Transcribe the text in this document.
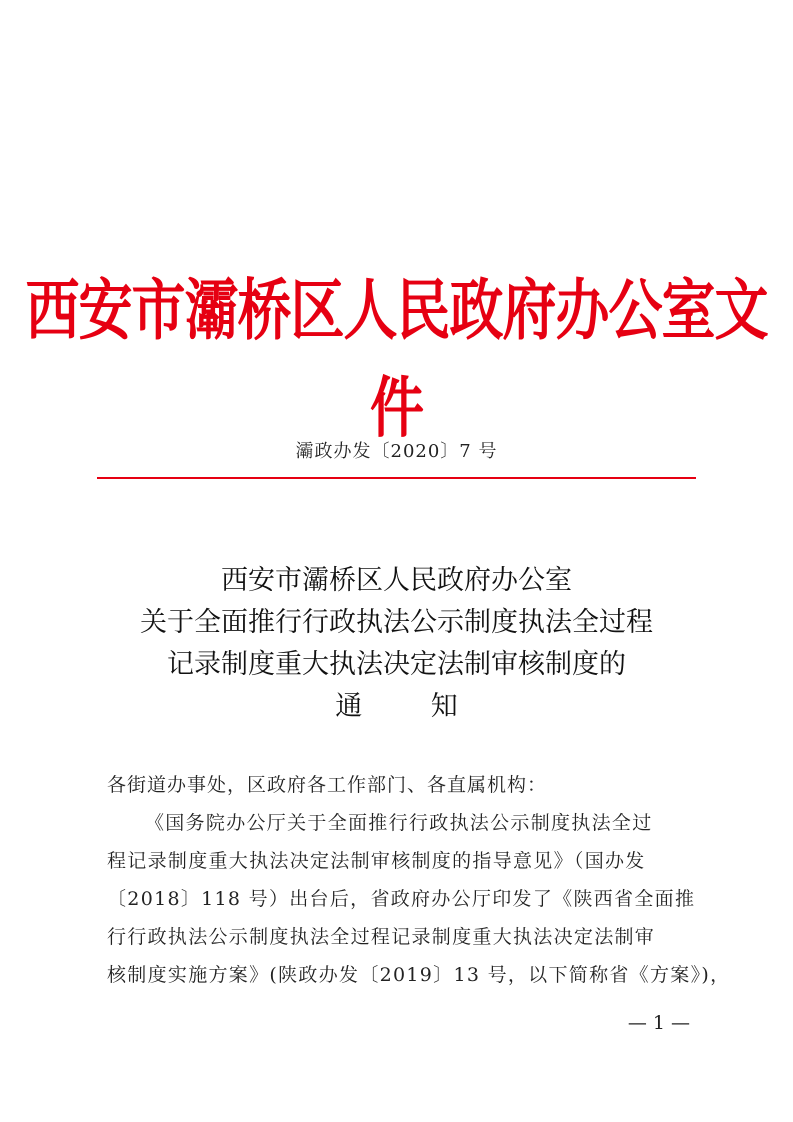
西安市灞桥区人民政府办公室文件
灞政办发〔2020〕7 号
西安市灞桥区人民政府办公室
关于全面推行行政执法公示制度执法全过程
记录制度重大执法决定法制审核制度的
通 知
各街道办事处，区政府各工作部门、各直属机构：
《国务院办公厅关于全面推行行政执法公示制度执法全过
程记录制度重大执法决定法制审核制度的指导意见》（国办发
〔2018〕118 号）出台后，省政府办公厅印发了《陕西省全面推
行行政执法公示制度执法全过程记录制度重大执法决定法制审
核制度实施方案》(陕政办发〔2019〕13 号，以下简称省《方案》)，
— 1 —
